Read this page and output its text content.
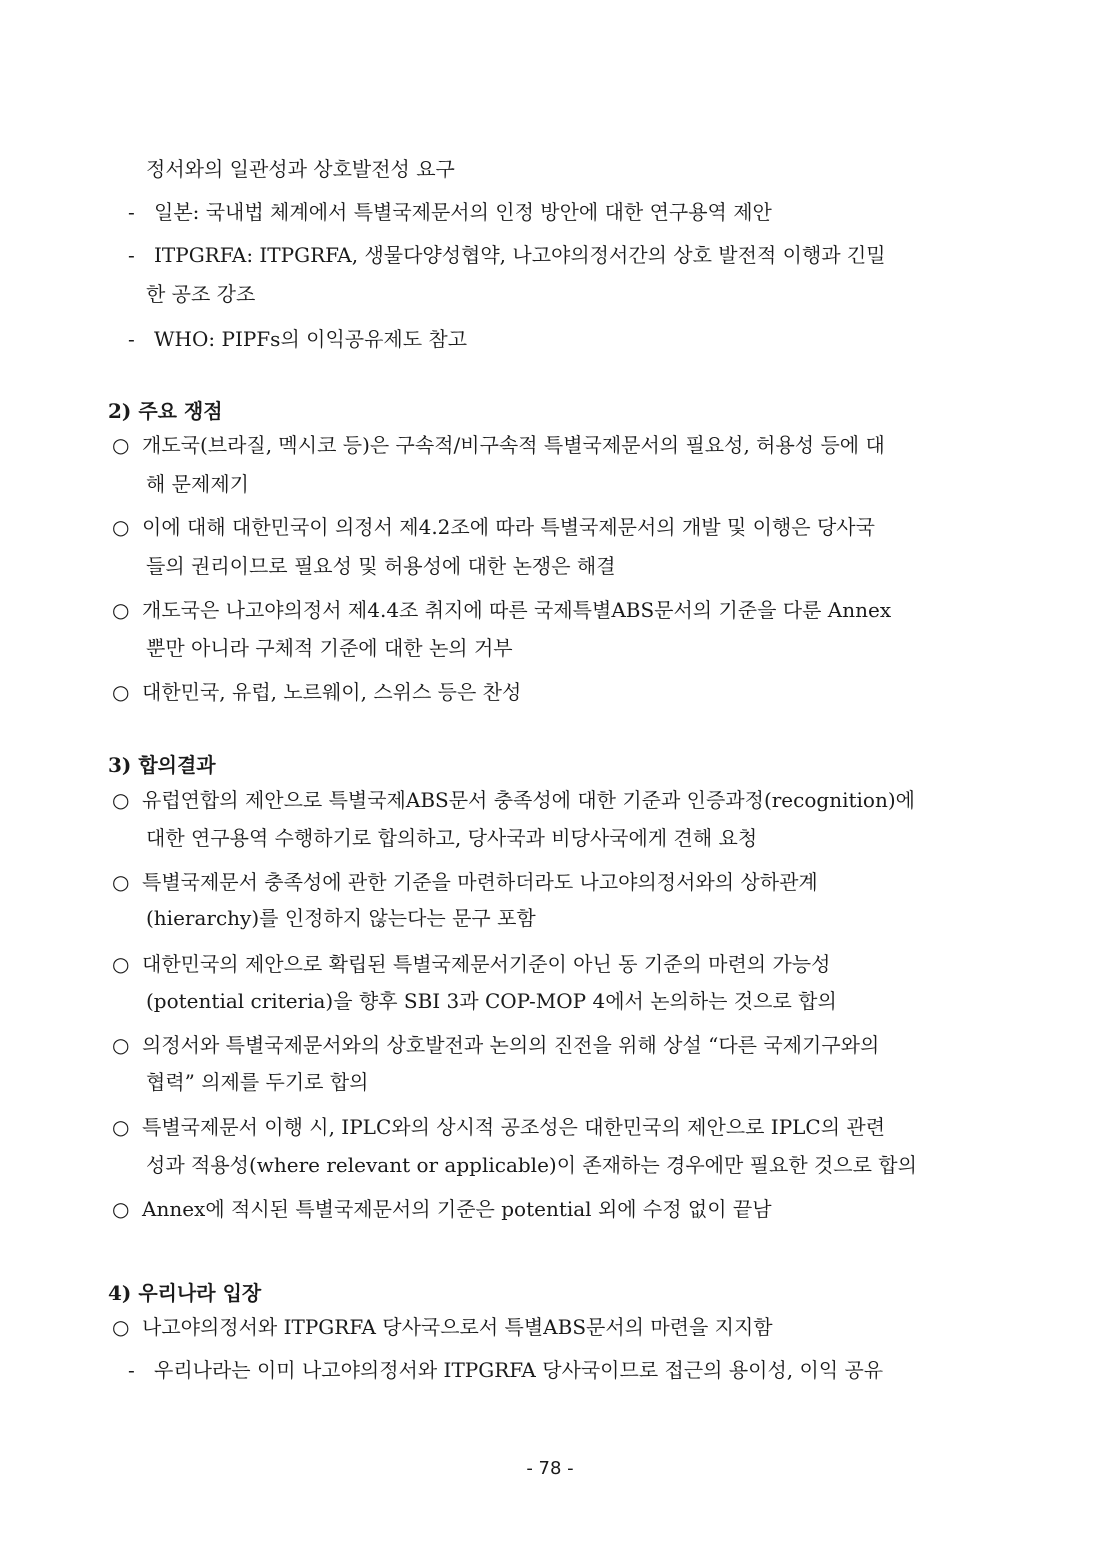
정서와의 일관성과 상호발전성 요구
- 일본: 국내법 체계에서 특별국제문서의 인정 방안에 대한 연구용역 제안
- ITPGRFA: ITPGRFA, 생물다양성협약, 나고야의정서간의 상호 발전적 이행과 긴밀
한 공조 강조
- WHO: PIPFs의 이익공유제도 참고
2) 주요 쟁점
○ 개도국(브라질, 멕시코 등)은 구속적/비구속적 특별국제문서의 필요성, 허용성 등에 대
해 문제제기
○ 이에 대해 대한민국이 의정서 제4.2조에 따라 특별국제문서의 개발 및 이행은 당사국
들의 권리이므로 필요성 및 허용성에 대한 논쟁은 해결
○ 개도국은 나고야의정서 제4.4조 취지에 따른 국제특별ABS문서의 기준을 다룬 Annex
뿐만 아니라 구체적 기준에 대한 논의 거부
○ 대한민국, 유럽, 노르웨이, 스위스 등은 찬성
3) 합의결과
○ 유럽연합의 제안으로 특별국제ABS문서 충족성에 대한 기준과 인증과정(recognition)에
대한 연구용역 수행하기로 합의하고, 당사국과 비당사국에게 견해 요청
○ 특별국제문서 충족성에 관한 기준을 마련하더라도 나고야의정서와의 상하관계
(hierarchy)를 인정하지 않는다는 문구 포함
○ 대한민국의 제안으로 확립된 특별국제문서기준이 아닌 동 기준의 마련의 가능성
(potential criteria)을 향후 SBI 3과 COP-MOP 4에서 논의하는 것으로 합의
○ 의정서와 특별국제문서와의 상호발전과 논의의 진전을 위해 상설 “다른 국제기구와의
협력” 의제를 두기로 합의
○ 특별국제문서 이행 시, IPLC와의 상시적 공조성은 대한민국의 제안으로 IPLC의 관련
성과 적용성(where relevant or applicable)이 존재하는 경우에만 필요한 것으로 합의
○ Annex에 적시된 특별국제문서의 기준은 potential 외에 수정 없이 끝남
4) 우리나라 입장
○ 나고야의정서와 ITPGRFA 당사국으로서 특별ABS문서의 마련을 지지함
- 우리나라는 이미 나고야의정서와 ITPGRFA 당사국이므로 접근의 용이성, 이익 공유
- 78 -
